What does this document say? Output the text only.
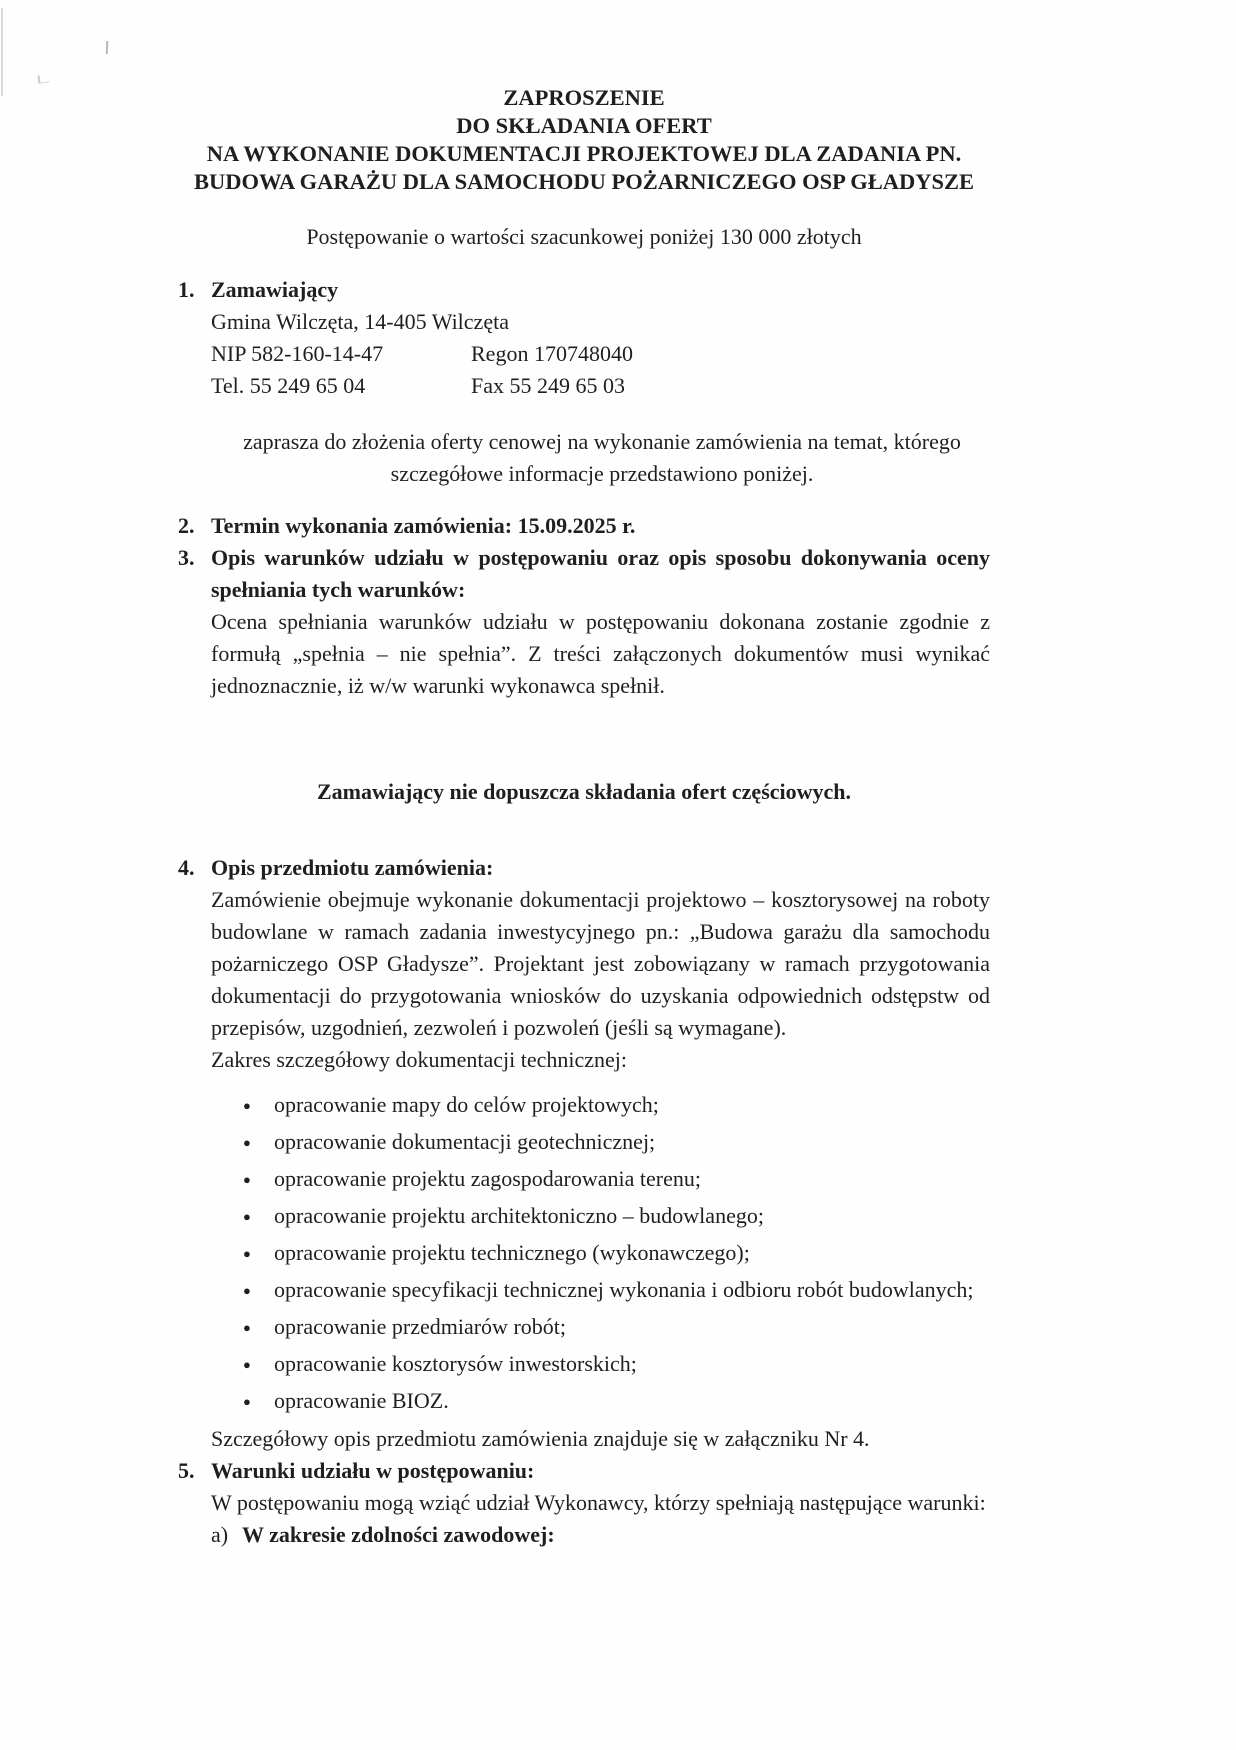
ZAPROSZENIE
DO SKŁADANIA OFERT
NA WYKONANIE DOKUMENTACJI PROJEKTOWEJ DLA ZADANIA PN.
BUDOWA GARAŻU DLA SAMOCHODU POŻARNICZEGO OSP GŁADYSZE
Postępowanie o wartości szacunkowej poniżej 130 000 złotych
1. Zamawiający
Gmina Wilczęta, 14-405 Wilczęta
NIP 582-160-14-47	Regon 170748040
Tel. 55 249 65 04	Fax 55 249 65 03
zaprasza do złożenia oferty cenowej na wykonanie zamówienia na temat, którego
szczegółowe informacje przedstawiono poniżej.
2. Termin wykonania zamówienia: 15.09.2025 r.
3. Opis warunków udziału w postępowaniu oraz opis sposobu dokonywania oceny spełniania tych warunków:
Ocena spełniania warunków udziału w postępowaniu dokonana zostanie zgodnie z formułą „spełnia – nie spełnia”. Z treści załączonych dokumentów musi wynikać jednoznacznie, iż w/w warunki wykonawca spełnił.
Zamawiający nie dopuszcza składania ofert częściowych.
4. Opis przedmiotu zamówienia:
Zamówienie obejmuje wykonanie dokumentacji projektowo – kosztorysowej na roboty budowlane w ramach zadania inwestycyjnego pn.: „Budowa garażu dla samochodu pożarniczego OSP Gładysze”. Projektant jest zobowiązany w ramach przygotowania dokumentacji do przygotowania wniosków do uzyskania odpowiednich odstępstw od przepisów, uzgodnień, zezwoleń i pozwoleń (jeśli są wymagane).
Zakres szczegółowy dokumentacji technicznej:
● opracowanie mapy do celów projektowych;
● opracowanie dokumentacji geotechnicznej;
● opracowanie projektu zagospodarowania terenu;
● opracowanie projektu architektoniczno – budowlanego;
● opracowanie projektu technicznego (wykonawczego);
● opracowanie specyfikacji technicznej wykonania i odbioru robót budowlanych;
● opracowanie przedmiarów robót;
● opracowanie kosztorysów inwestorskich;
● opracowanie BIOZ.
Szczegółowy opis przedmiotu zamówienia znajduje się w załączniku Nr 4.
5. Warunki udziału w postępowaniu:
W postępowaniu mogą wziąć udział Wykonawcy, którzy spełniają następujące warunki:
a) W zakresie zdolności zawodowej:
